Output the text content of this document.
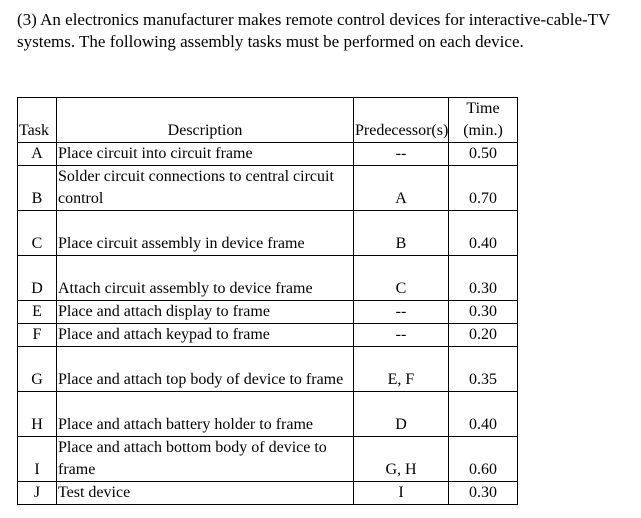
(3) An electronics manufacturer makes remote control devices for interactive-cable-TV systems. The following assembly tasks must be performed on each device.

Task	Description	Predecessor(s)	Time (min.)
A	Place circuit into circuit frame	--	0.50
B	Solder circuit connections to central circuit control	A	0.70
C	Place circuit assembly in device frame	B	0.40
D	Attach circuit assembly to device frame	C	0.30
E	Place and attach display to frame	--	0.30
F	Place and attach keypad to frame	--	0.20
G	Place and attach top body of device to frame	E, F	0.35
H	Place and attach battery holder to frame	D	0.40
I	Place and attach bottom body of device to frame	G, H	0.60
J	Test device	I	0.30
